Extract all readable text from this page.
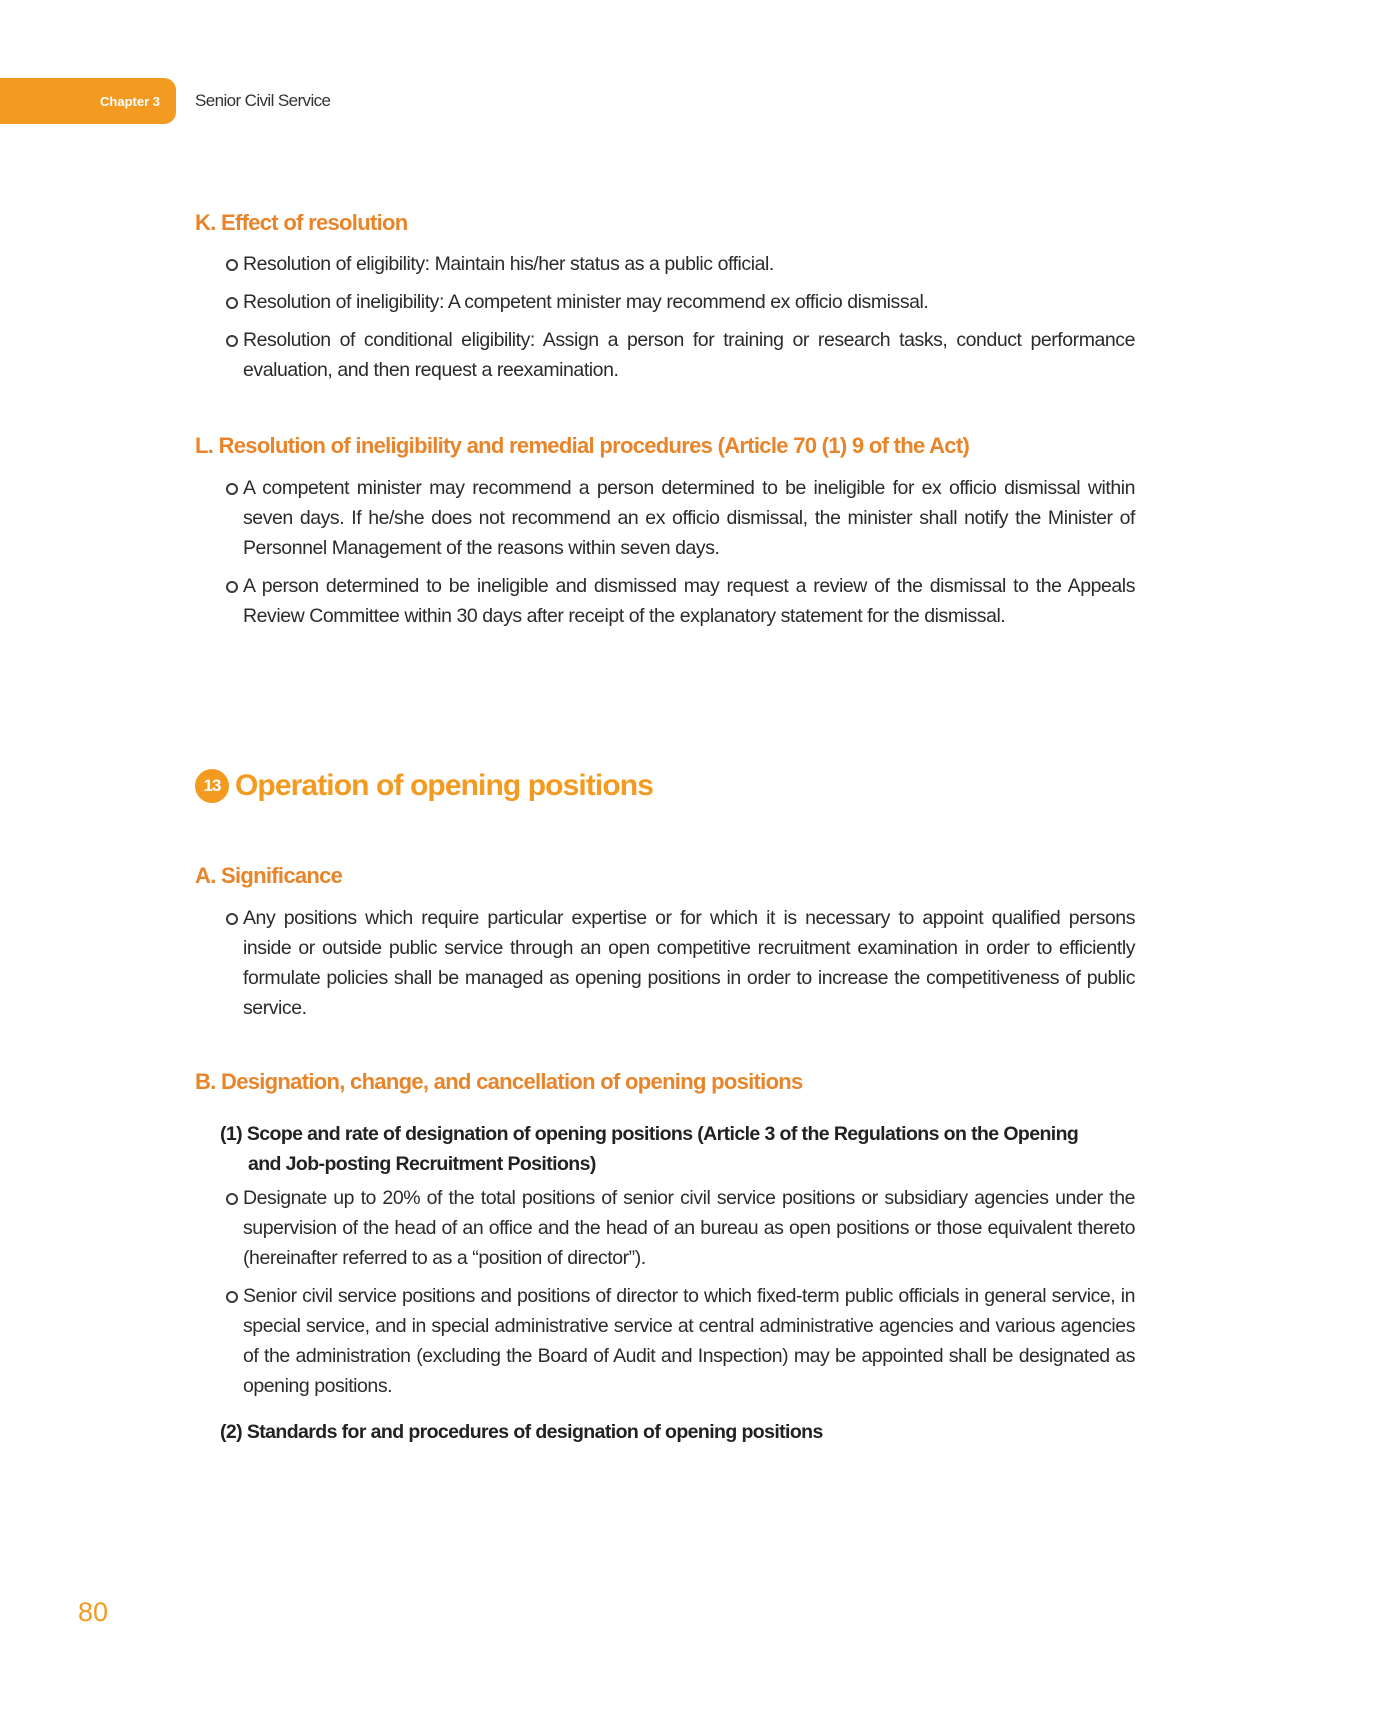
Chapter 3 Senior Civil Service
K. Effect of resolution
Resolution of eligibility: Maintain his/her status as a public official.
Resolution of ineligibility: A competent minister may recommend ex officio dismissal.
Resolution of conditional eligibility: Assign a person for training or research tasks, conduct performance evaluation, and then request a reexamination.
L. Resolution of ineligibility and remedial procedures (Article 70 (1) 9 of the Act)
A competent minister may recommend a person determined to be ineligible for ex officio dismissal within seven days. If he/she does not recommend an ex officio dismissal, the minister shall notify the Minister of Personnel Management of the reasons within seven days.
A person determined to be ineligible and dismissed may request a review of the dismissal to the Appeals Review Committee within 30 days after receipt of the explanatory statement for the dismissal.
13 Operation of opening positions
A. Significance
Any positions which require particular expertise or for which it is necessary to appoint qualified persons inside or outside public service through an open competitive recruitment examination in order to efficiently formulate policies shall be managed as opening positions in order to increase the competitiveness of public service.
B. Designation, change, and cancellation of opening positions
(1) Scope and rate of designation of opening positions (Article 3 of the Regulations on the Opening
and Job-posting Recruitment Positions)
Designate up to 20% of the total positions of senior civil service positions or subsidiary agencies under the supervision of the head of an office and the head of an bureau as open positions or those equivalent thereto (hereinafter referred to as a “position of director”).
Senior civil service positions and positions of director to which fixed-term public officials in general service, in special service, and in special administrative service at central administrative agencies and various agencies of the administration (excluding the Board of Audit and Inspection) may be appointed shall be designated as opening positions.
(2) Standards for and procedures of designation of opening positions
80
